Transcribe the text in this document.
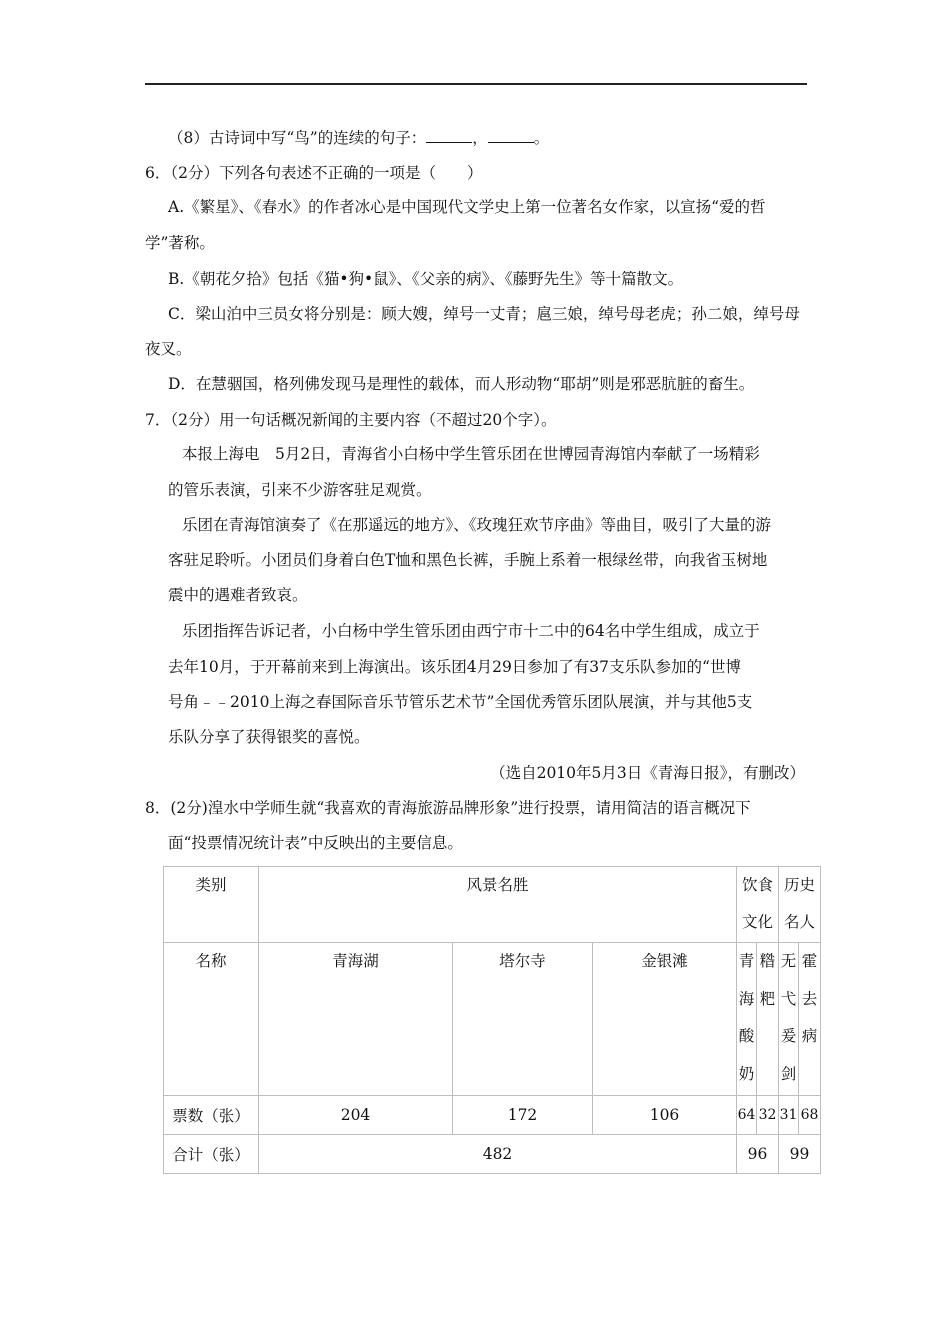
（8）古诗词中写“鸟”的连续的句子：	，	。
6．（2分）下列各句表述不正确的一项是（　　）
A.《繁星》、《春水》的作者冰心是中国现代文学史上第一位著名女作家，以宣扬“爱的哲
学”著称。
B.《朝花夕拾》包括《猫•狗•鼠》、《父亲的病》、《藤野先生》等十篇散文。
C．梁山泊中三员女将分别是：顾大嫂，绰号一丈青；扈三娘，绰号母老虎；孙二娘，绰号母
夜叉。
D．在慧骃国，格列佛发现马是理性的载体，而人形动物“耶胡”则是邪恶肮脏的畜生。
7．（2分）用一句话概况新闻的主要内容（不超过20个字）。
本报上海电　5月2日，青海省小白杨中学生管乐团在世博园青海馆内奉献了一场精彩
的管乐表演，引来不少游客驻足观赏。
乐团在青海馆演奏了《在那遥远的地方》、《玫瑰狂欢节序曲》等曲目，吸引了大量的游
客驻足聆听。小团员们身着白色T恤和黑色长裤，手腕上系着一根绿丝带，向我省玉树地
震中的遇难者致哀。
乐团指挥告诉记者，小白杨中学生管乐团由西宁市十二中的64名中学生组成，成立于
去年10月，于开幕前来到上海演出。该乐团4月29日参加了有37支乐队参加的“世博
号角﹣﹣2010上海之春国际音乐节管乐艺术节”全国优秀管乐团队展演，并与其他5支
乐队分享了获得银奖的喜悦。
（选自2010年5月3日《青海日报》，有删改）
8．(2分)湟水中学师生就“我喜欢的青海旅游品牌形象”进行投票，请用简洁的语言概况下
面“投票情况统计表”中反映出的主要信息。
类别	风景名胜			饮食文化		历史名人	
名称	青海湖	塔尔寺	金银滩	青海酸奶	糌粑	无弋爰剑	霍去病
票数（张）	204	172	106	64	32	31	68
合计（张）	482			96		99	
